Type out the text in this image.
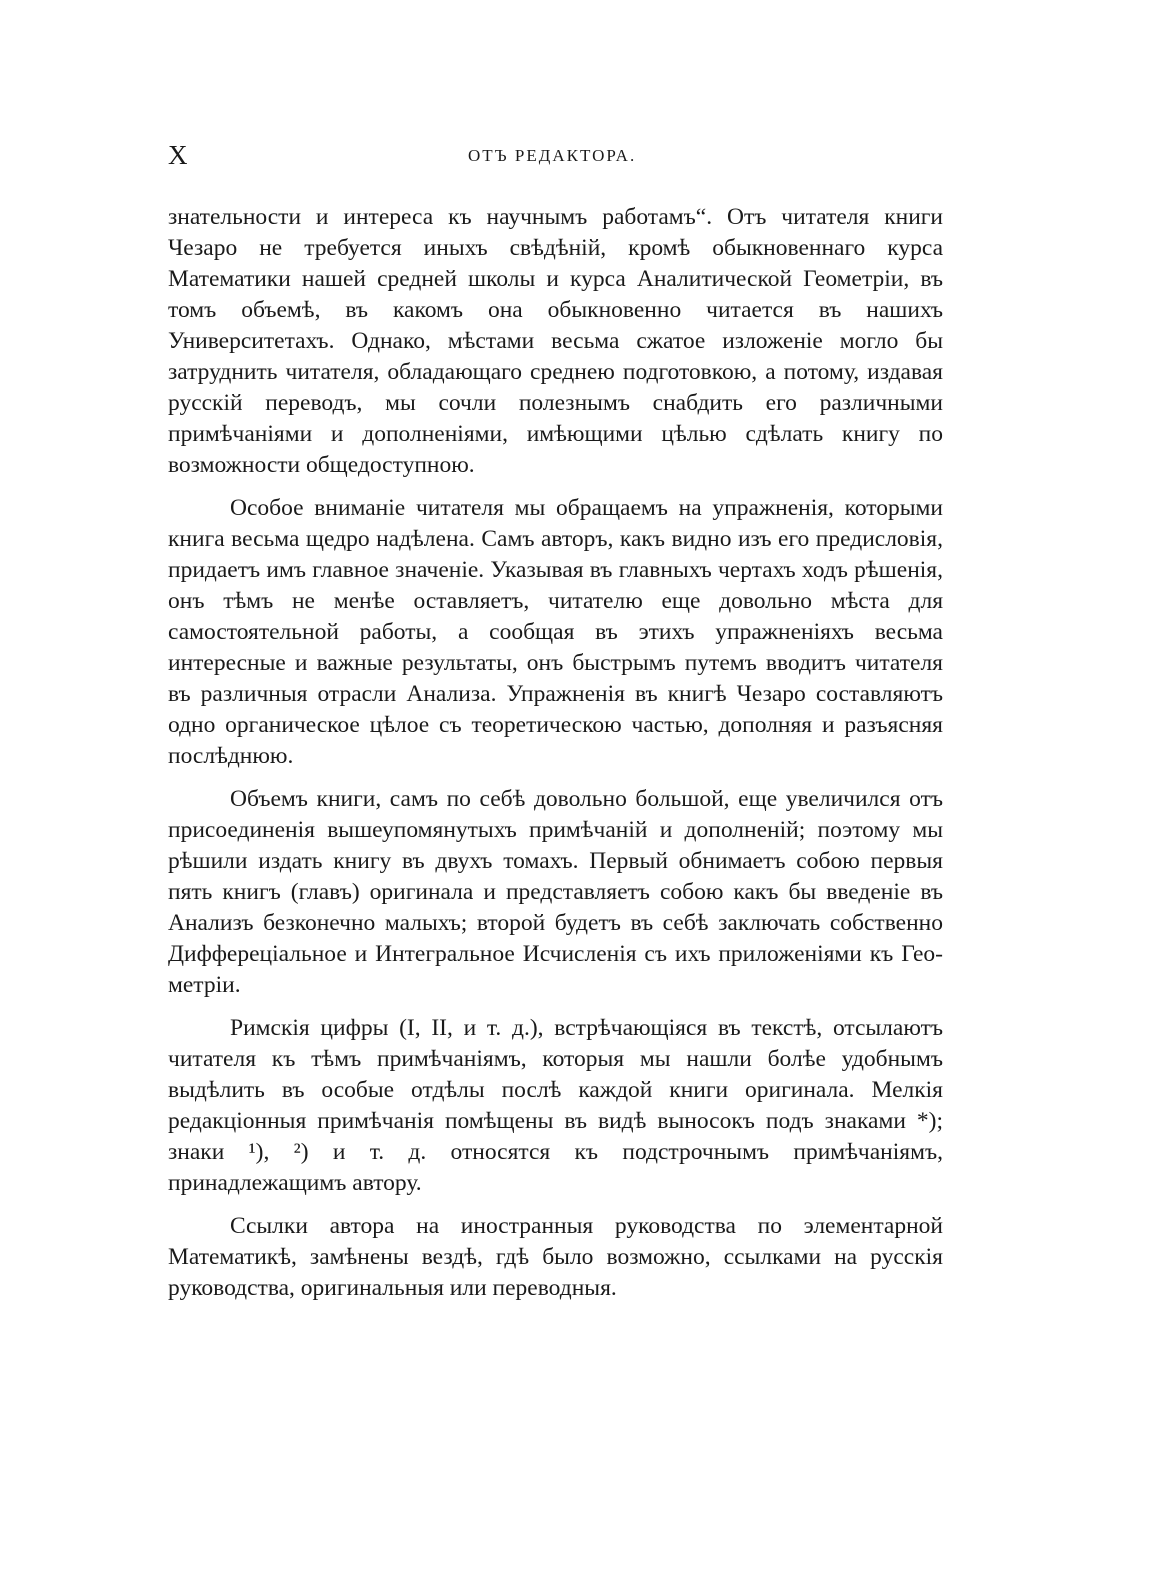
X	ОТЪ РЕДАКТОРА.

знательности и интереса къ научнымъ работамъ“. Отъ читателя книги Чезаро не требуется иныхъ свѣдѣній, кромѣ обыкновеннаго курса Математики нашей средней школы и курса Аналитической Геометріи, въ томъ объемѣ, въ какомъ она обыкновенно читается въ нашихъ Университетахъ. Однако, мѣстами весьма сжатое изложеніе могло бы затруднить читателя, обладающаго среднею подготовкою, а потому, издавая русскій переводъ, мы сочли полезнымъ снабдить его различными примѣчаніями и дополненіями, имѣющими цѣлью сдѣлать книгу по возможности общедоступною.

Особое вниманіе читателя мы обращаемъ на упражненія, которыми книга весьма щедро надѣлена. Самъ авторъ, какъ видно изъ его предисловія, придаетъ имъ главное значеніе. Указывая въ главныхъ чертахъ ходъ рѣшенія, онъ тѣмъ не менѣе оставляетъ, читателю еще довольно мѣста для самостоятельной работы, а сообщая въ этихъ упражненіяхъ весьма интересные и важные результаты, онъ быстрымъ путемъ вводитъ читателя въ различныя отрасли Анализа. Упражненія въ книгѣ Чезаро составляютъ одно органическое цѣлое съ теоретическою частью, дополняя и разъясняя послѣднюю.

Объемъ книги, самъ по себѣ довольно большой, еще увеличился отъ присоединенія вышеупомянутыхъ примѣчаній и дополненій; поэтому мы рѣшили издать книгу въ двухъ томахъ. Первый обнимаетъ собою первыя пять книгъ (главъ) оригинала и представляетъ собою какъ бы введеніе въ Анализъ безконечно малыхъ; второй будетъ въ себѣ заключать собственно Диффереціальное и Интегральное Исчисленія съ ихъ приложеніями къ Геометріи.

Римскія цифры (I, II, и т. д.), встрѣчающіяся въ текстѣ, отсылаютъ читателя къ тѣмъ примѣчаніямъ, которыя мы нашли болѣе удобнымъ выдѣлить въ особые отдѣлы послѣ каждой книги оригинала. Мелкія редакціонныя примѣчанія помѣщены въ видѣ выносокъ подъ знаками *); знаки ¹), ²) и т. д. относятся къ подстрочнымъ примѣчаніямъ, принадлежащимъ автору.

Ссылки автора на иностранныя руководства по элементарной Математикѣ, замѣнены вездѣ, гдѣ было возможно, ссылками на русскія руководства, оригинальныя или переводныя.
